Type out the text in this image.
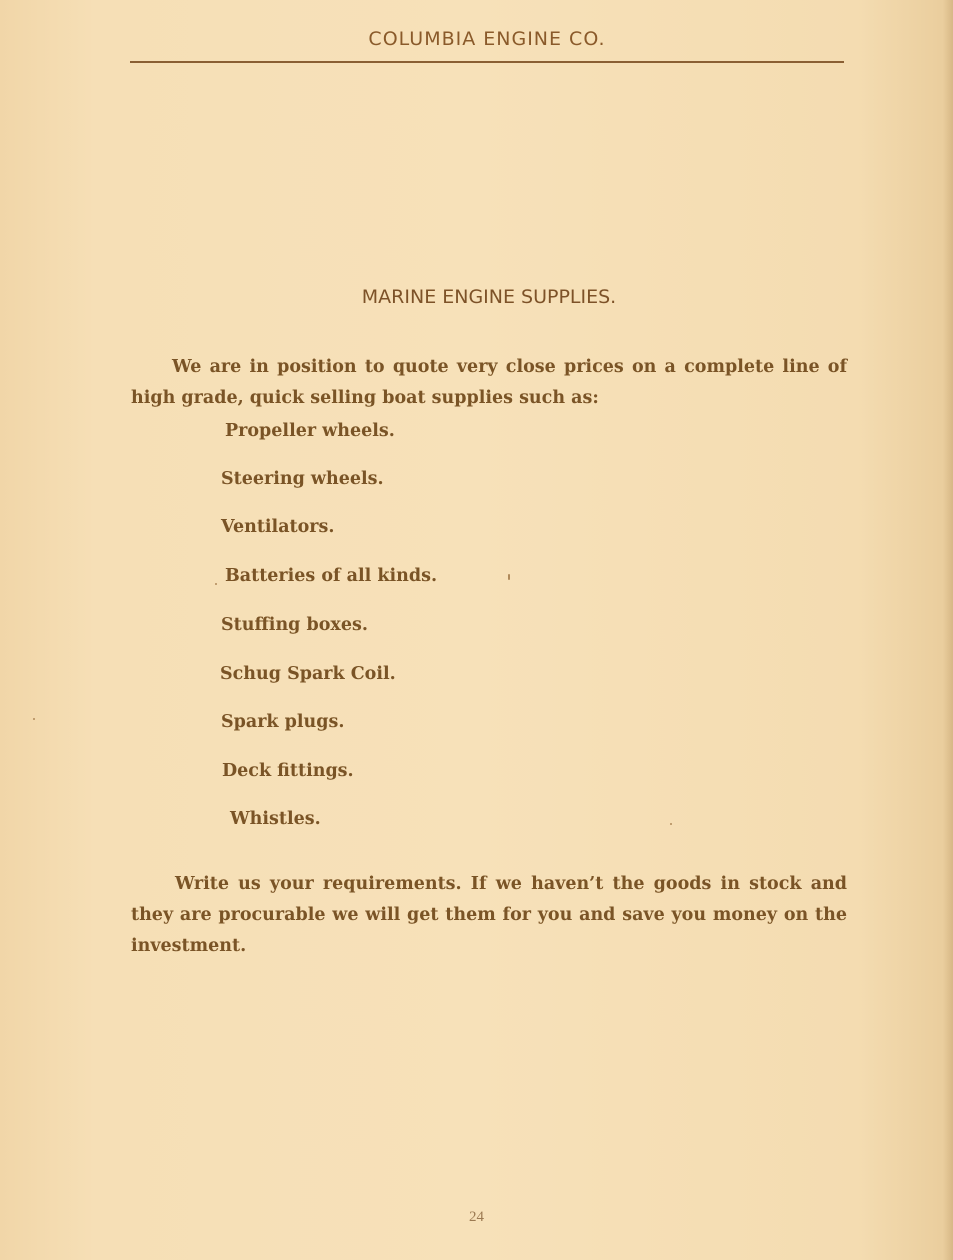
COLUMBIA ENGINE CO.
MARINE ENGINE SUPPLIES.

We are in position to quote very close prices on a complete line of high grade, quick selling boat supplies such as:

Propeller wheels.
Steering wheels.
Ventilators.
Batteries of all kinds.
Stuffing boxes.
Schug Spark Coil.
Spark plugs.
Deck fittings.
Whistles.

Write us your requirements. If we haven’t the goods in stock and they are procurable we will get them for you and save you money on the investment.

24
